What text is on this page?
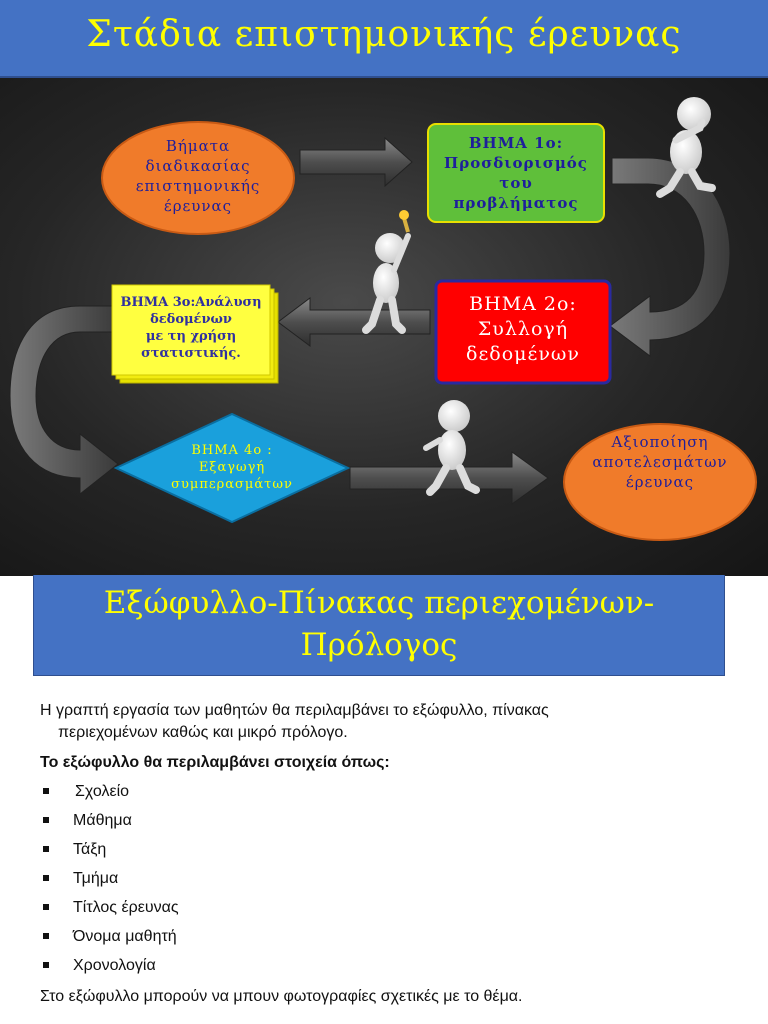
Στάδια επιστημονικής έρευνας
Βήματα
διαδικασίας
επιστημονικής
έρευνας
ΒΗΜΑ 1ο:
Προσδιορισμός
του
προβλήματος
ΒΗΜΑ 2ο:
Συλλογή
δεδομένων
ΒΗΜΑ 3ο:Ανάλυση
δεδομένων
με τη χρήση
στατιστικής.
ΒΗΜΑ 4ο :
Εξαγωγή
συμπερασμάτων
Αξιοποίηση
αποτελεσμάτων
έρευνας
Εξώφυλλο-Πίνακας περιεχομένων-
Πρόλογος

Η γραπτή εργασία των μαθητών θα περιλαμβάνει το εξώφυλλο, πίνακας
περιεχομένων καθώς και μικρό πρόλογο.

Το εξώφυλλο θα περιλαμβάνει στοιχεία όπως:

Σχολείο
Μάθημα
Τάξη
Τμήμα
Τίτλος έρευνας
Όνομα μαθητή
Χρονολογία

Στο εξώφυλλο μπορούν να μπουν φωτογραφίες σχετικές με το θέμα.
